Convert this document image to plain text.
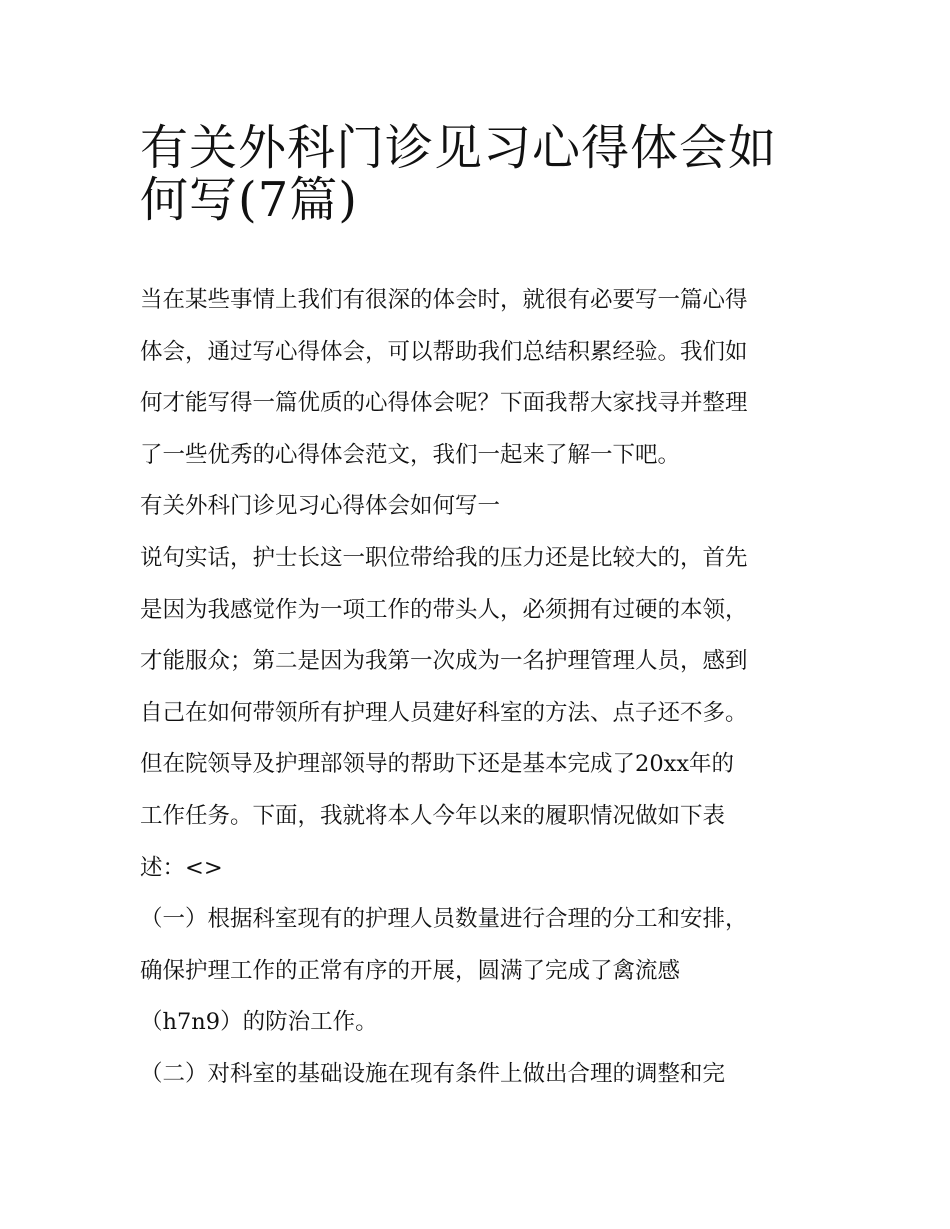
有关外科门诊见习心得体会如
何写(7篇)
当在某些事情上我们有很深的体会时，就很有必要写一篇心得
体会，通过写心得体会，可以帮助我们总结积累经验。我们如
何才能写得一篇优质的心得体会呢？下面我帮大家找寻并整理
了一些优秀的心得体会范文，我们一起来了解一下吧。
有关外科门诊见习心得体会如何写一
说句实话，护士长这一职位带给我的压力还是比较大的，首先
是因为我感觉作为一项工作的带头人，必须拥有过硬的本领，
才能服众；第二是因为我第一次成为一名护理管理人员，感到
自己在如何带领所有护理人员建好科室的方法、点子还不多。
但在院领导及护理部领导的帮助下还是基本完成了20xx年的
工作任务。下面，我就将本人今年以来的履职情况做如下表
述：<>
（一）根据科室现有的护理人员数量进行合理的分工和安排，
确保护理工作的正常有序的开展，圆满了完成了禽流感
（h7n9）的防治工作。
（二）对科室的基础设施在现有条件上做出合理的调整和完
